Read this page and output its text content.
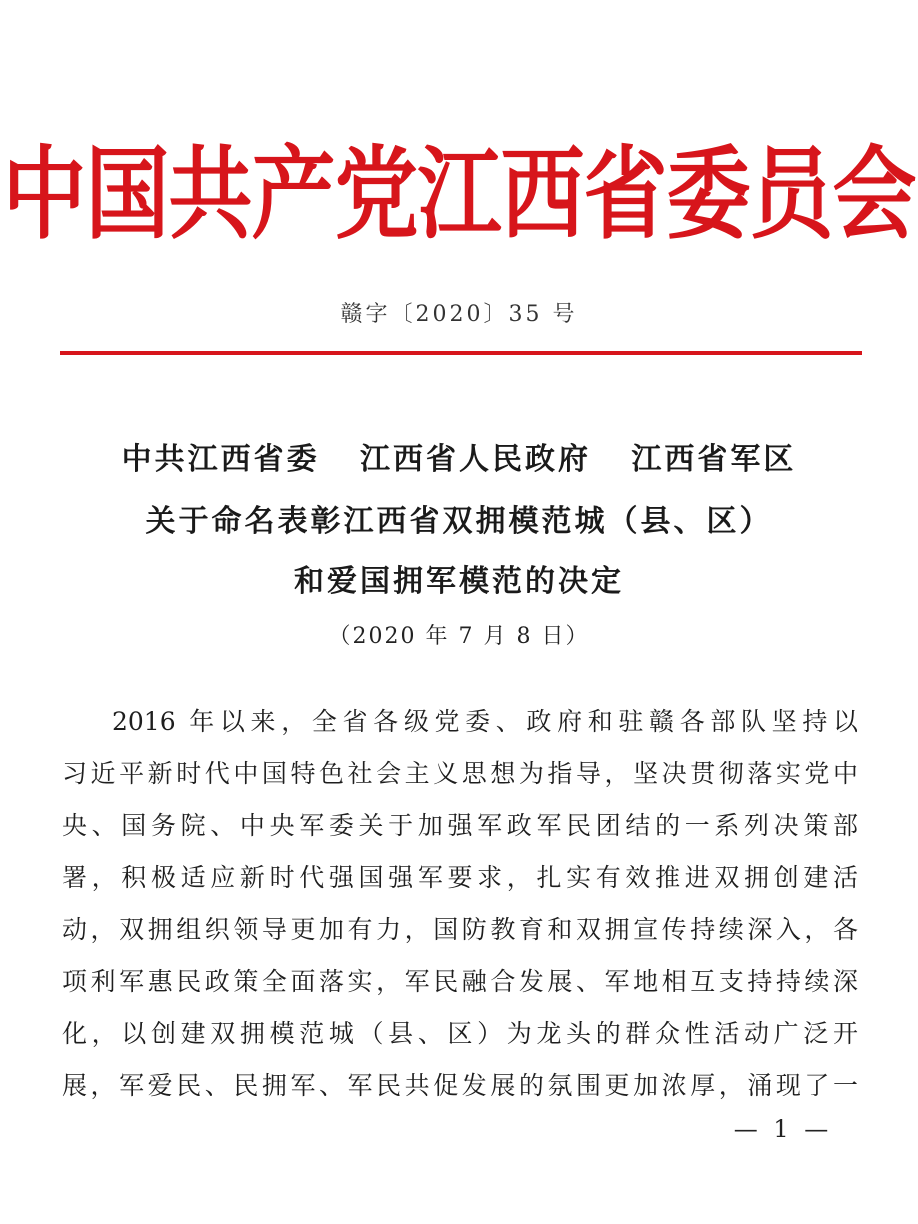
中国共产党江西省委员会
赣字〔2020〕35 号
中共江西省委   江西省人民政府   江西省军区
关于命名表彰江西省双拥模范城（县、区）
和爱国拥军模范的决定
（2020 年 7 月 8 日）
2016 年以来，全省各级党委、政府和驻赣各部队坚持以
习近平新时代中国特色社会主义思想为指导，坚决贯彻落实党中
央、国务院、中央军委关于加强军政军民团结的一系列决策部
署，积极适应新时代强国强军要求，扎实有效推进双拥创建活
动，双拥组织领导更加有力，国防教育和双拥宣传持续深入，各
项利军惠民政策全面落实，军民融合发展、军地相互支持持续深
化，以创建双拥模范城（县、区）为龙头的群众性活动广泛开
展，军爱民、民拥军、军民共促发展的氛围更加浓厚，涌现了一
— 1 —
